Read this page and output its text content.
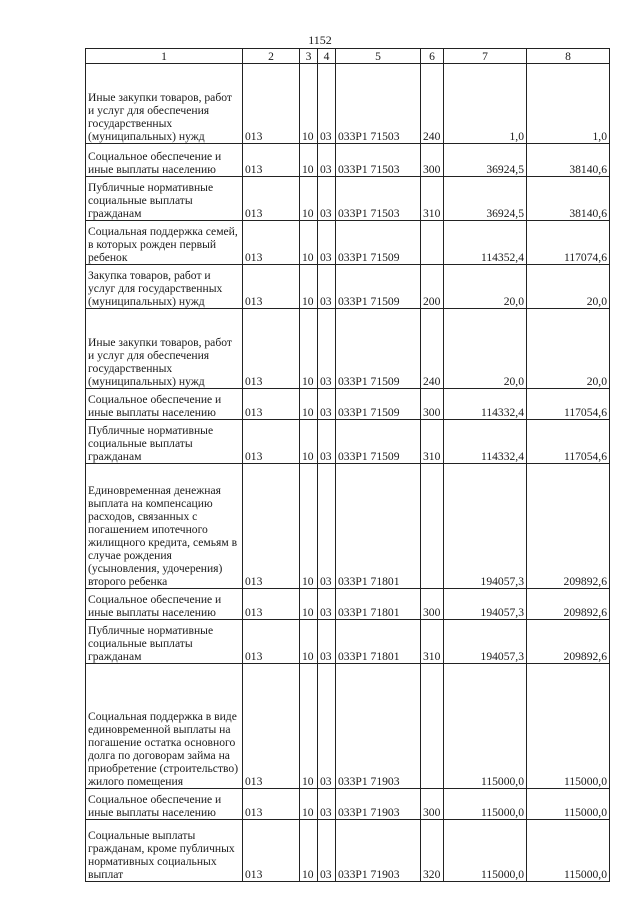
1152
1	2	3	4	5	6	7	8
Иные закупки товаров, работ и услуг для обеспечения государственных (муниципальных) нужд	013	10	03	033Р1 71503	240	1,0	1,0
Социальное обеспечение и иные выплаты населению	013	10	03	033Р1 71503	300	36924,5	38140,6
Публичные нормативные социальные выплаты гражданам	013	10	03	033Р1 71503	310	36924,5	38140,6
Социальная поддержка семей, в которых рожден первый ребенок	013	10	03	033Р1 71509		114352,4	117074,6
Закупка товаров, работ и услуг для государственных (муниципальных) нужд	013	10	03	033Р1 71509	200	20,0	20,0
Иные закупки товаров, работ и услуг для обеспечения государственных (муниципальных) нужд	013	10	03	033Р1 71509	240	20,0	20,0
Социальное обеспечение и иные выплаты населению	013	10	03	033Р1 71509	300	114332,4	117054,6
Публичные нормативные социальные выплаты гражданам	013	10	03	033Р1 71509	310	114332,4	117054,6
Единовременная денежная выплата на компенсацию расходов, связанных с погашением ипотечного жилищного кредита, семьям в случае рождения (усыновления, удочерения) второго ребенка	013	10	03	033Р1 71801		194057,3	209892,6
Социальное обеспечение и иные выплаты населению	013	10	03	033Р1 71801	300	194057,3	209892,6
Публичные нормативные социальные выплаты гражданам	013	10	03	033Р1 71801	310	194057,3	209892,6
Социальная поддержка в виде единовременной выплаты на погашение остатка основного долга по договорам займа на приобретение (строительство) жилого помещения	013	10	03	033Р1 71903		115000,0	115000,0
Социальное обеспечение и иные выплаты населению	013	10	03	033Р1 71903	300	115000,0	115000,0
Социальные выплаты гражданам, кроме публичных нормативных социальных выплат	013	10	03	033Р1 71903	320	115000,0	115000,0
